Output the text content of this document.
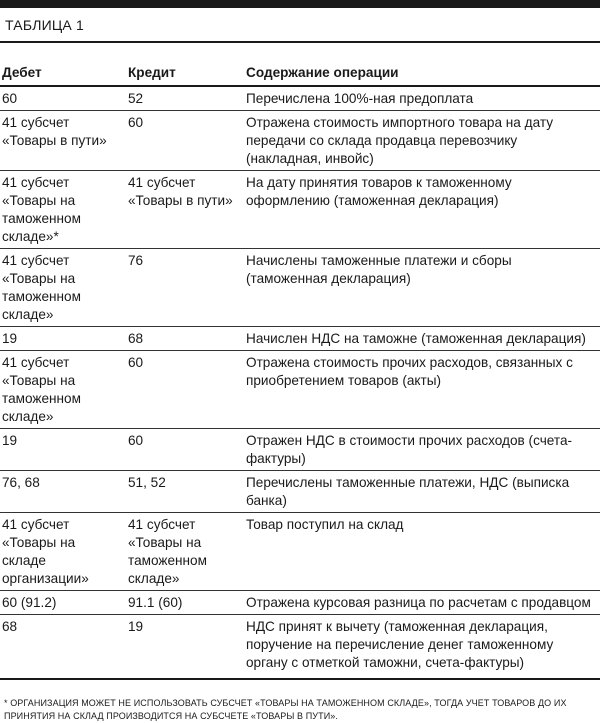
ТАБЛИЦА 1
Дебет	Кредит	Содержание операции
60	52	Перечислена 100%-ная предоплата
41 субсчет «Товары в пути»	60	Отражена стоимость импортного товара на дату передачи со склада продавца перевозчику (накладная, инвойс)
41 субсчет «Товары на таможенном складе»*	41 субсчет «Товары в пути»	На дату принятия товаров к таможенному оформлению (таможенная декларация)
41 субсчет «Товары на таможенном складе»	76	Начислены таможенные платежи и сборы (таможенная декларация)
19	68	Начислен НДС на таможне (таможенная декларация)
41 субсчет «Товары на таможенном складе»	60	Отражена стоимость прочих расходов, связанных с приобретением товаров (акты)
19	60	Отражен НДС в стоимости прочих расходов (счета-фактуры)
76, 68	51, 52	Перечислены таможенные платежи, НДС (выписка банка)
41 субсчет «Товары на складе организации»	41 субсчет «Товары на таможенном складе»	Товар поступил на склад
60 (91.2)	91.1 (60)	Отражена курсовая разница по расчетам с продавцом
68	19	НДС принят к вычету (таможенная декларация, поручение на перечисление денег таможенному органу с отметкой таможни, счета-фактуры)
* ОРГАНИЗАЦИЯ МОЖЕТ НЕ ИСПОЛЬЗОВАТЬ СУБСЧЕТ «ТОВАРЫ НА ТАМОЖЕННОМ СКЛАДЕ», ТОГДА УЧЕТ ТОВАРОВ ДО ИХ ПРИНЯТИЯ НА СКЛАД ПРОИЗВОДИТСЯ НА СУБСЧЕТЕ «ТОВАРЫ В ПУТИ».
